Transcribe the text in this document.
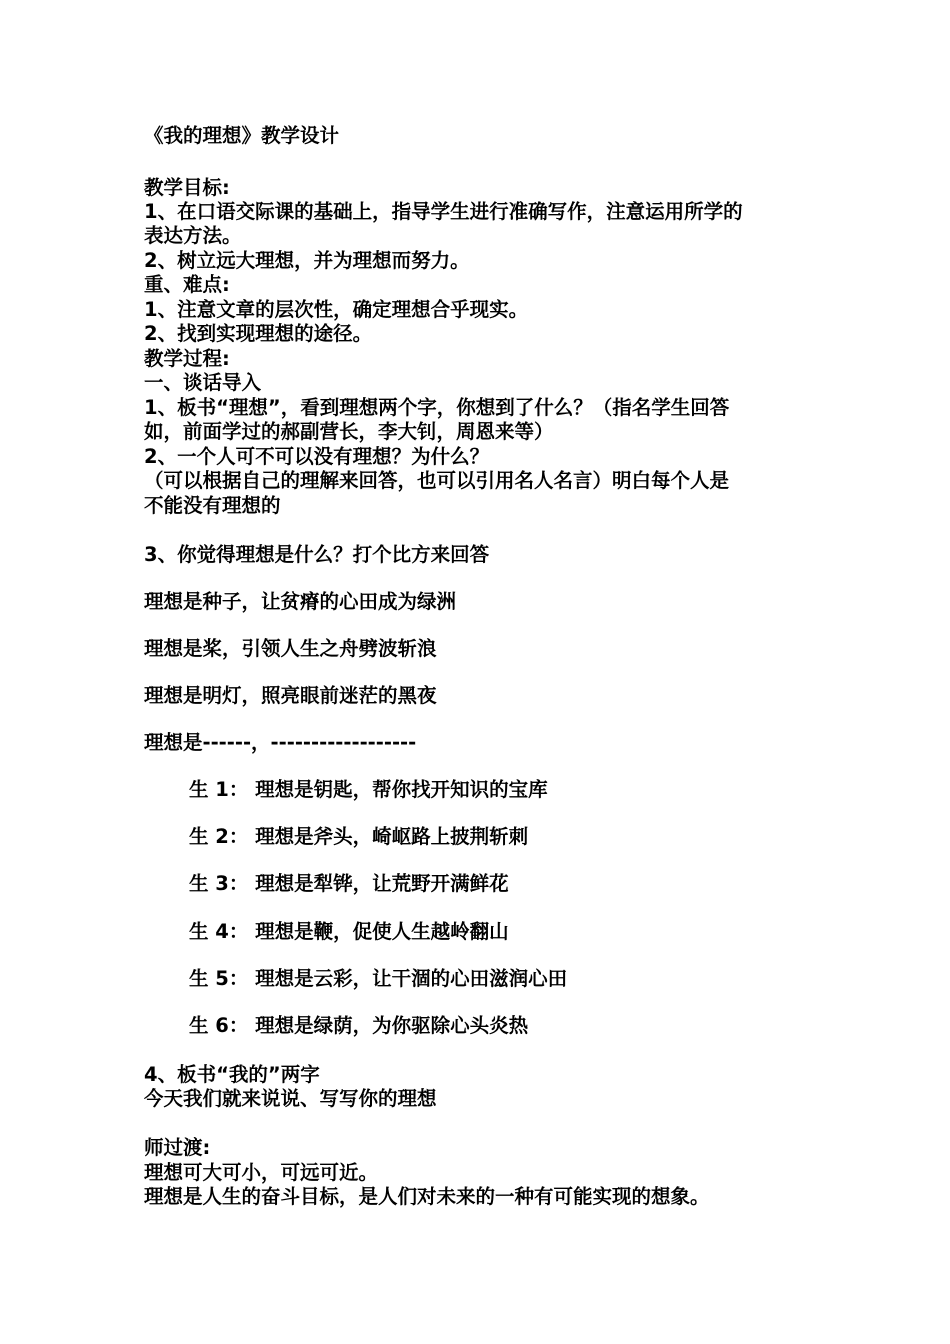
《我的理想》教学设计

教学目标:

1、在口语交际课的基础上，指导学生进行准确写作，注意运用所学的

表达方法。

2、树立远大理想，并为理想而努力。

重、难点:

1、注意文章的层次性，确定理想合乎现实。

2、找到实现理想的途径。

教学过程:

一、谈话导入

1、板书“理想”，看到理想两个字，你想到了什么？（指名学生回答

如，前面学过的郝副营长，李大钊，周恩来等）

2、一个人可不可以没有理想？为什么？

（可以根据自己的理解来回答，也可以引用名人名言）明白每个人是

不能没有理想的

3、你觉得理想是什么？打个比方来回答

理想是种子，让贫瘠的心田成为绿洲

理想是桨，引领人生之舟劈波斩浪

理想是明灯，照亮眼前迷茫的黑夜

理想是------，------------------

生 1： 理想是钥匙，帮你找开知识的宝库

生 2： 理想是斧头，崎岖路上披荆斩刺

生 3： 理想是犁铧，让荒野开满鲜花

生 4： 理想是鞭，促使人生越岭翻山

生 5： 理想是云彩，让干涸的心田滋润心田

生 6： 理想是绿荫，为你驱除心头炎热

4、板书“我的”两字

今天我们就来说说、写写你的理想

师过渡:

理想可大可小，可远可近。

理想是人生的奋斗目标，是人们对未来的一种有可能实现的想象。
